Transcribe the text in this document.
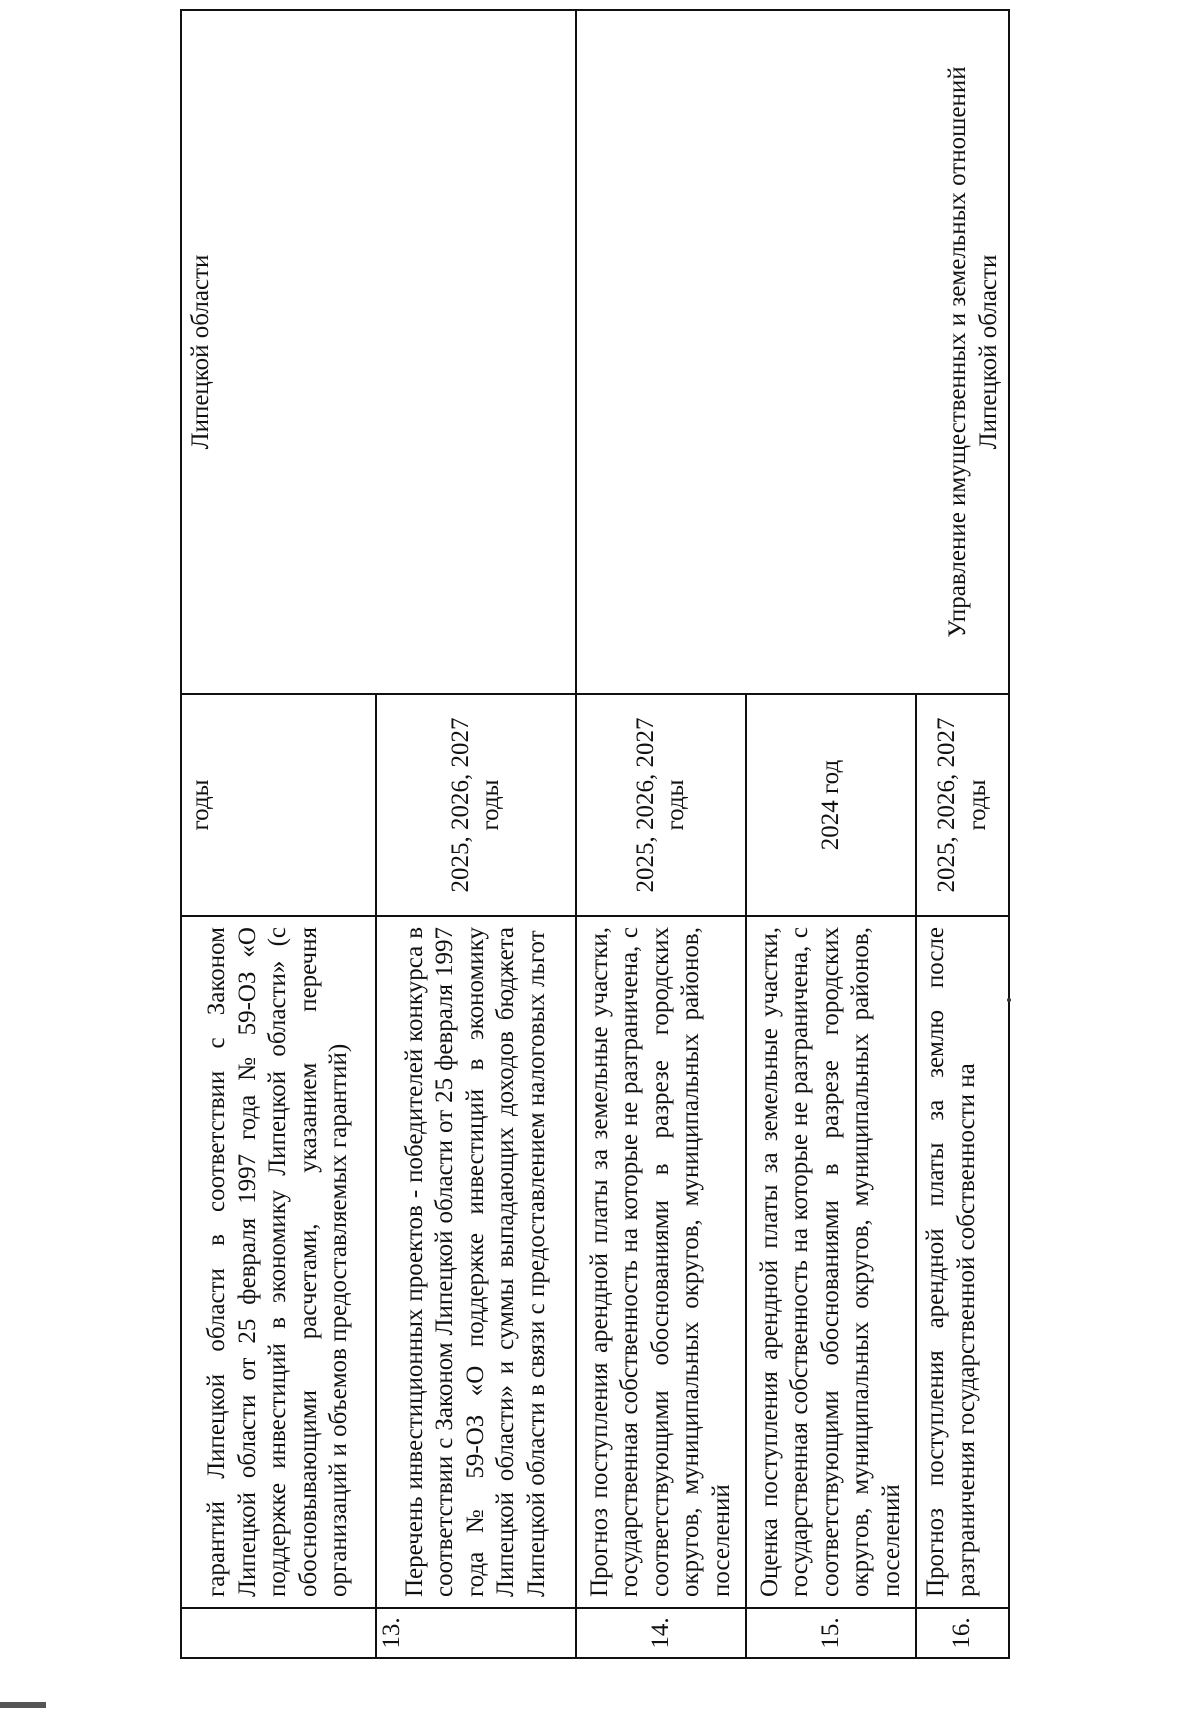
	гарантий Липецкой области в соответствии с Законом Липецкой области от 25 февраля 1997 года № 59-ОЗ «О поддержке инвестиций в экономику Липецкой области» (с обосновывающими расчетами, указанием перечня организаций и объемов предоставляемых гарантий)	годы	Липецкой области
13.	Перечень инвестиционных проектов - победителей конкурса в соответствии с Законом Липецкой области от 25 февраля 1997 года № 59-ОЗ «О поддержке инвестиций в экономику Липецкой области» и суммы выпадающих доходов бюджета Липецкой области в связи с предоставлением налоговых льгот	2025, 2026, 2027 годы	
14.	Прогноз поступления арендной платы за земельные участки, государственная собственность на которые не разграничена, с соответствующими обоснованиями в разрезе городских округов, муниципальных округов, муниципальных районов, поселений	2025, 2026, 2027 годы	Управление имущественных и земельных отношений Липецкой области
15.	Оценка поступления арендной платы за земельные участки, государственная собственность на которые не разграничена, с соответствующими обоснованиями в разрезе городских округов, муниципальных округов, муниципальных районов, поселений	2024 год	
16.	Прогноз поступления арендной платы за землю после разграничения государственной собственности на	2025, 2026, 2027 годы	
